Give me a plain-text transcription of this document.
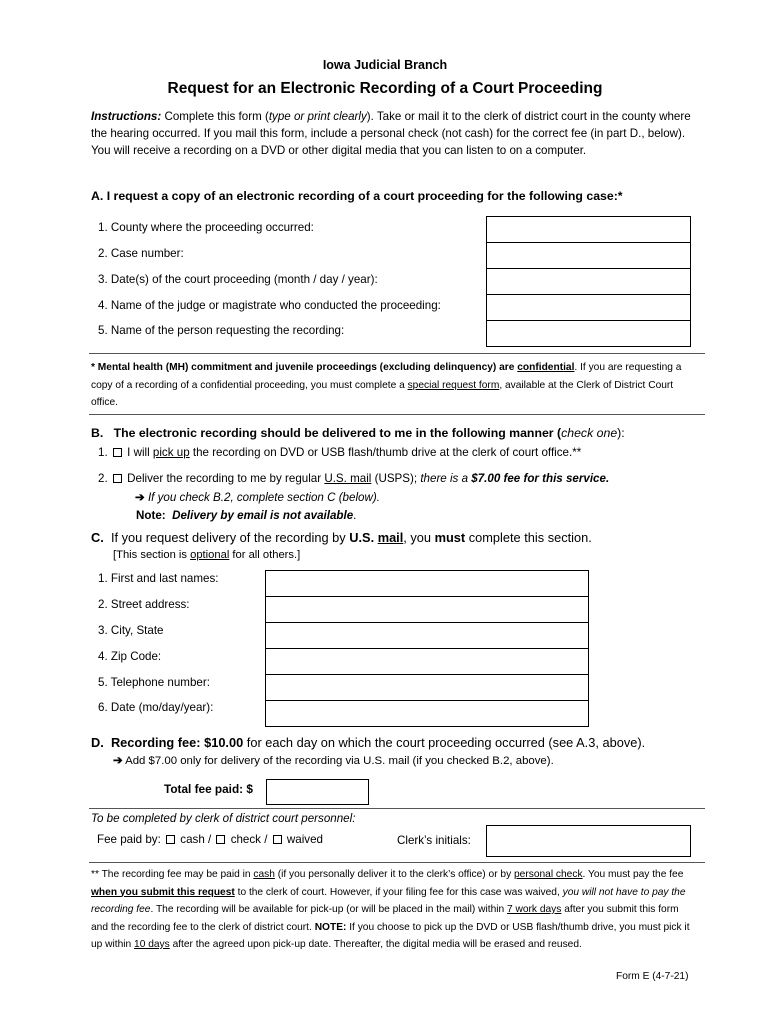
Iowa Judicial Branch
Request for an Electronic Recording of a Court Proceeding
Instructions: Complete this form (type or print clearly). Take or mail it to the clerk of district court in the county where the hearing occurred. If you mail this form, include a personal check (not cash) for the correct fee (in part D., below). You will receive a recording on a DVD or other digital media that you can listen to on a computer.
A. I request a copy of an electronic recording of a court proceeding for the following case:*
1. County where the proceeding occurred:
2. Case number:
3. Date(s) of the court proceeding (month / day / year):
4. Name of the judge or magistrate who conducted the proceeding:
5. Name of the person requesting the recording:
* Mental health (MH) commitment and juvenile proceedings (excluding delinquency) are confidential. If you are requesting a copy of a recording of a confidential proceeding, you must complete a special request form, available at the Clerk of District Court office.
B. The electronic recording should be delivered to me in the following manner (check one):
1. I will pick up the recording on DVD or USB flash/thumb drive at the clerk of court office.**
2. Deliver the recording to me by regular U.S. mail (USPS); there is a $7.00 fee for this service.
➔ If you check B.2, complete section C (below).
Note: Delivery by email is not available.
C. If you request delivery of the recording by U.S. mail, you must complete this section.
[This section is optional for all others.]
1. First and last names:
2. Street address:
3. City, State
4. Zip Code:
5. Telephone number:
6. Date (mo/day/year):
D. Recording fee: $10.00 for each day on which the court proceeding occurred (see A.3, above).
➔ Add $7.00 only for delivery of the recording via U.S. mail (if you checked B.2, above).
Total fee paid: $
To be completed by clerk of district court personnel:
Fee paid by: cash / check / waived	Clerk’s initials:
** The recording fee may be paid in cash (if you personally deliver it to the clerk’s office) or by personal check. You must pay the fee when you submit this request to the clerk of court. However, if your filing fee for this case was waived, you will not have to pay the recording fee. The recording will be available for pick-up (or will be placed in the mail) within 7 work days after you submit this form and the recording fee to the clerk of district court. NOTE: If you choose to pick up the DVD or USB flash/thumb drive, you must pick it up within 10 days after the agreed upon pick-up date. Thereafter, the digital media will be erased and reused.
Form E (4-7-21)
